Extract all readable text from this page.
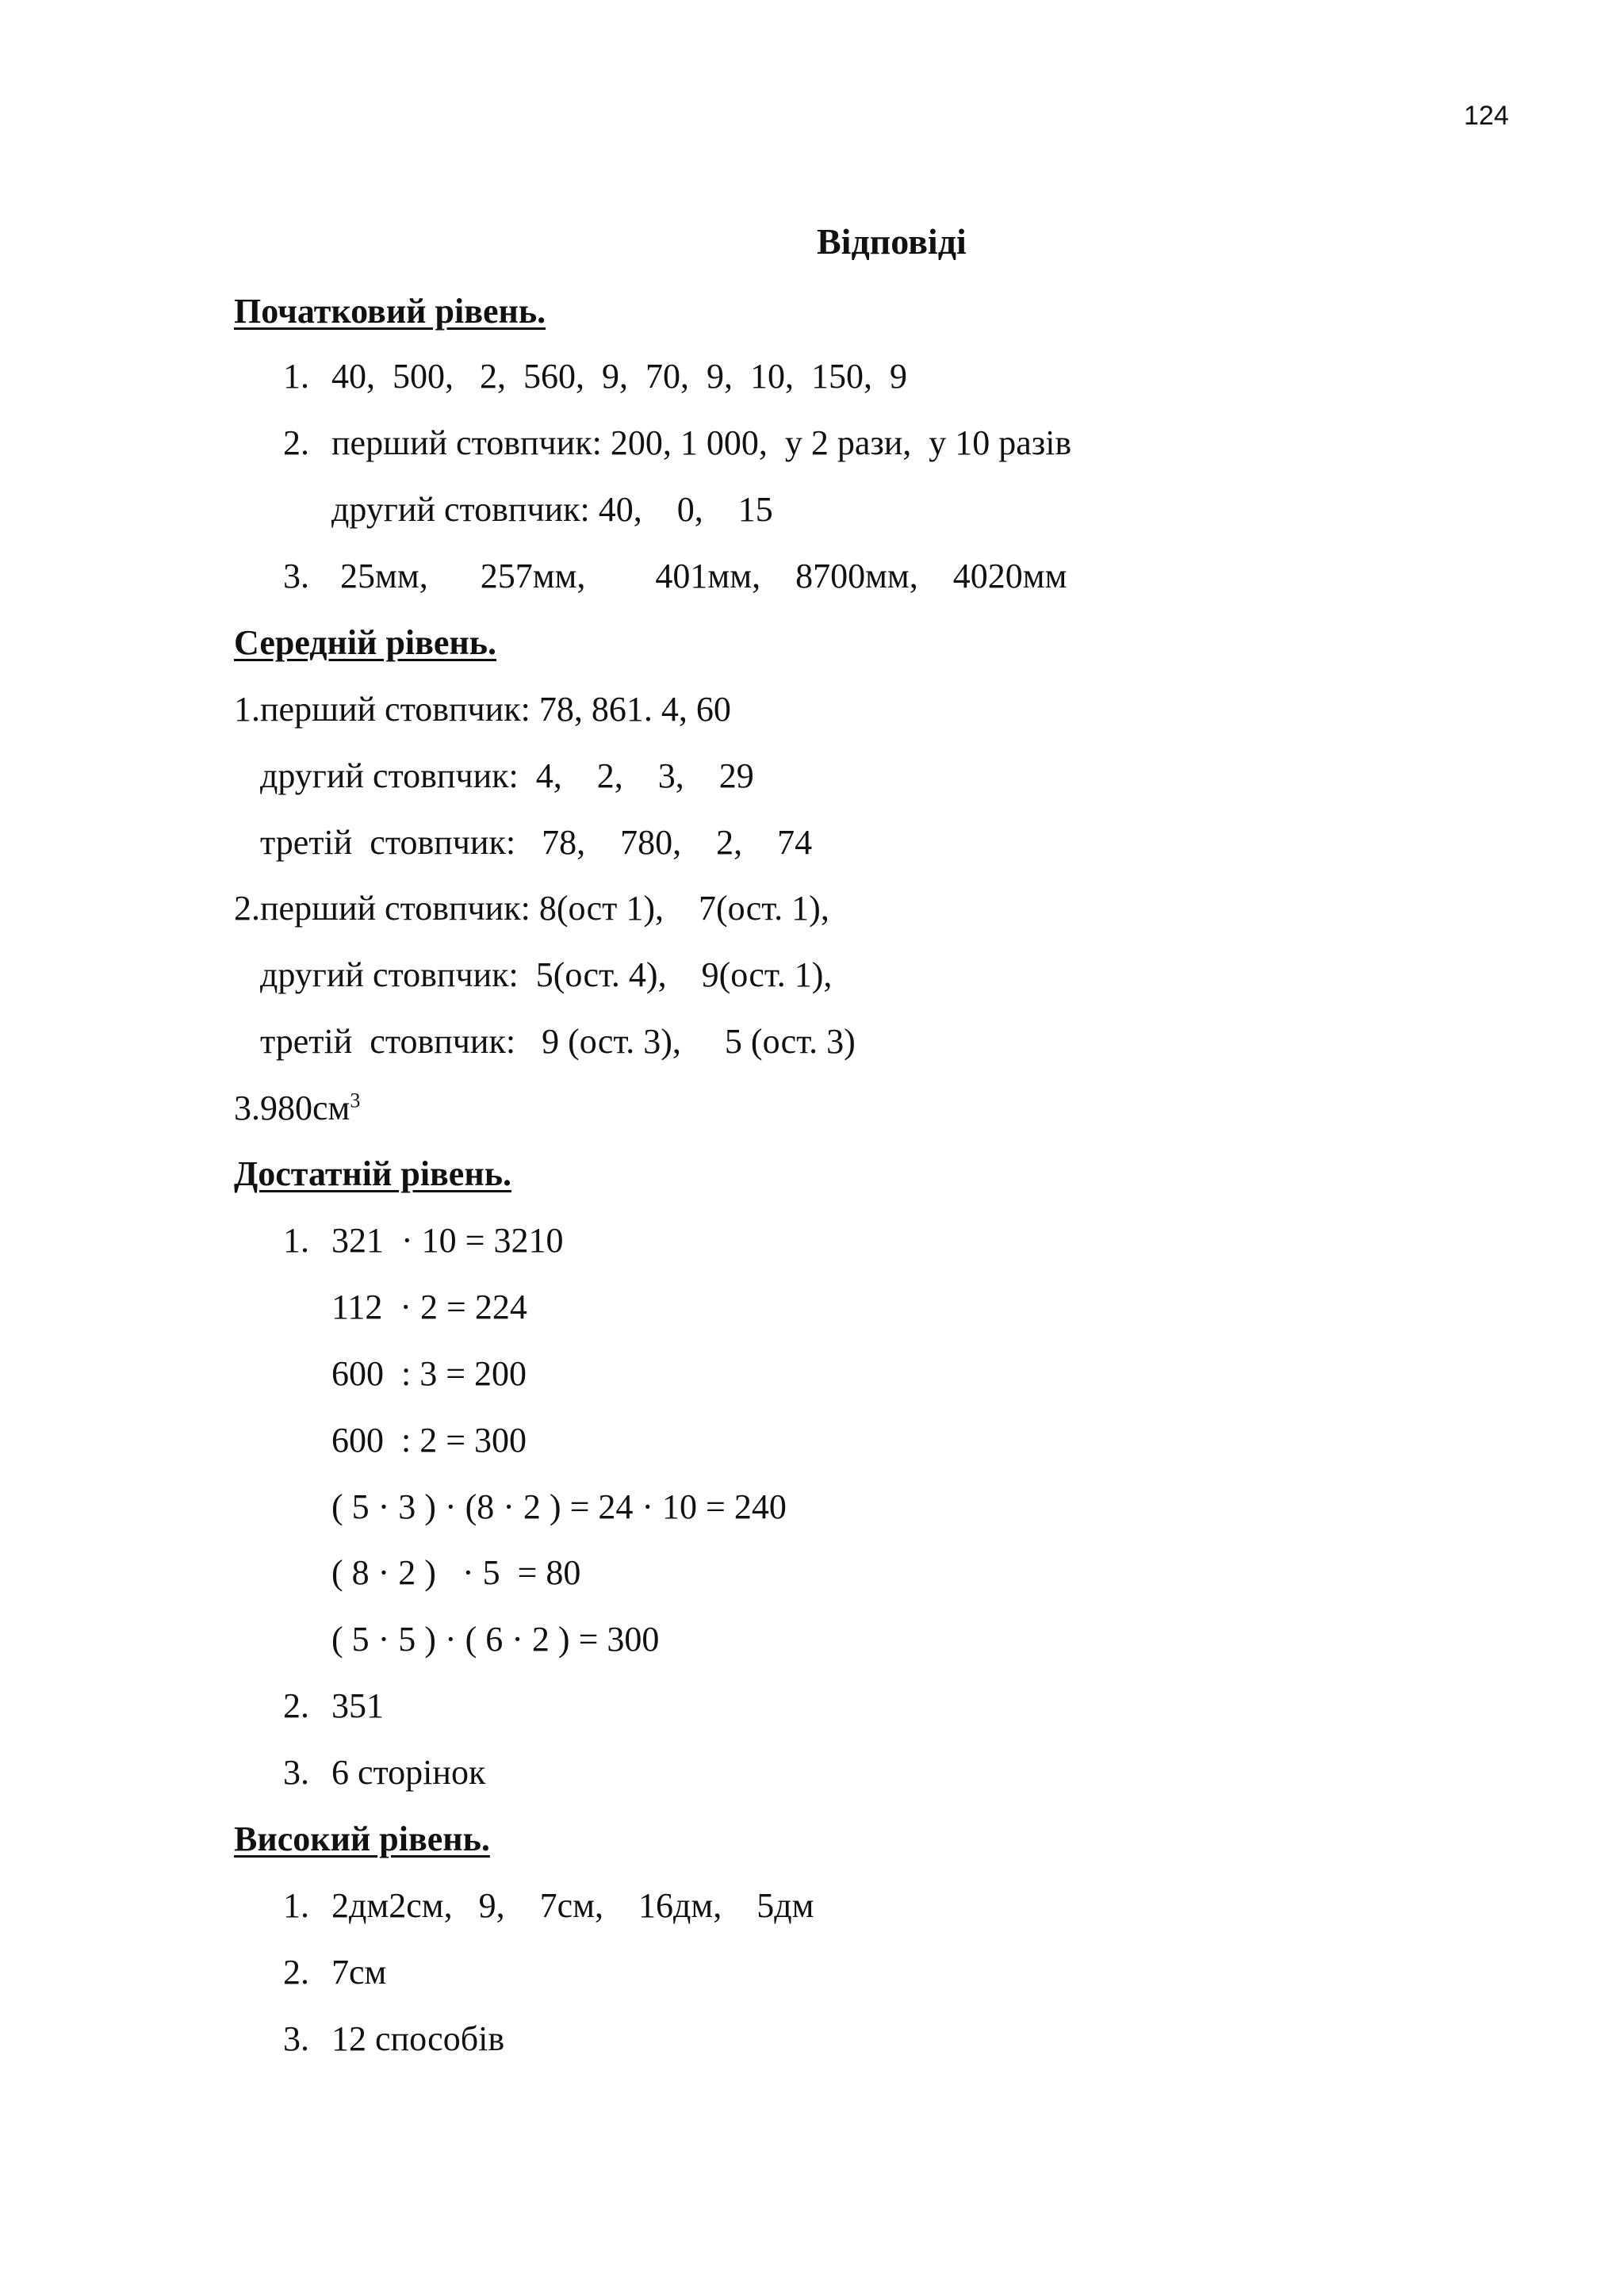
124
Відповіді
Початковий рівень.
1. 40,  500,   2,  560,  9,  70,  9,  10,  150,  9
2. перший стовпчик: 200, 1 000,  у 2 рази,  у 10 разів
другий стовпчик: 40,    0,    15
3. 25мм,      257мм,        401мм,    8700мм,    4020мм
Середній рівень.
1.перший стовпчик: 78, 861. 4, 60
другий стовпчик:  4,    2,    3,    29
третій  стовпчик:   78,    780,    2,    74
2.перший стовпчик: 8(ост 1),    7(ост. 1),
другий стовпчик:  5(ост. 4),    9(ост. 1),
третій  стовпчик:   9 (ост. 3),     5 (ост. 3)
$3.980см^3$
Достатній рівень.
1. 321  · 10 = 3210
112  · 2 = 224
600  : 3 = 200
600  : 2 = 300
( 5 · 3 ) · (8 · 2 ) = 24 · 10 = 240
( 8 · 2 )   · 5  = 80
( 5 · 5 ) · ( 6 · 2 ) = 300
2. 351
3. 6 сторінок
Високий рівень.
1. 2дм2см,   9,    7см,    16дм,    5дм
2. 7см
3. 12 способів
